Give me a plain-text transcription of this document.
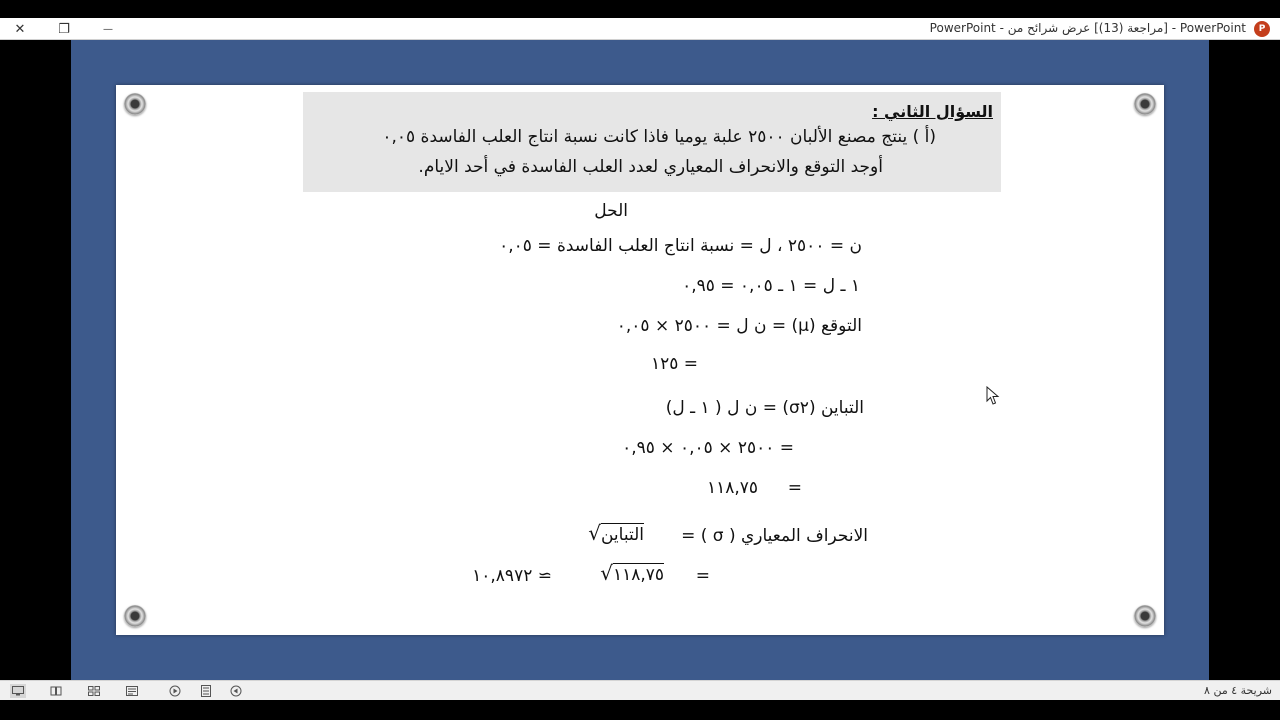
✕	❐	—	PowerPoint - [مراجعة (13)] عرض شرائح من - PowerPoint	P
السؤال الثاني :
(أ ) ينتج مصنع الألبان ٢٥٠٠ علبة يوميا فاذا كانت نسبة انتاج العلب الفاسدة ٠,٠٥
أوجد التوقع والانحراف المعياري لعدد العلب الفاسدة في أحد الايام.
الحل
ن = ٢٥٠٠ ، ل = نسبة انتاج العلب الفاسدة = ٠,٠٥
١ ـ ل = ١ ـ ٠,٠٥ = ٠,٩٥
التوقع (μ) = ن ل = ٢٥٠٠ × ٠,٠٥
= ١٢٥
التباين (σ٢) = ن ل ( ١ ـ ل)
= ٢٥٠٠ × ٠,٠٥ × ٠,٩٥
=
١١٨,٧٥
الانحراف المعياري ( σ ) =
التباين√
=
١١٨,٧٥√
≃ ١٠,٨٩٧٢
شريحة ٤ من ٨
